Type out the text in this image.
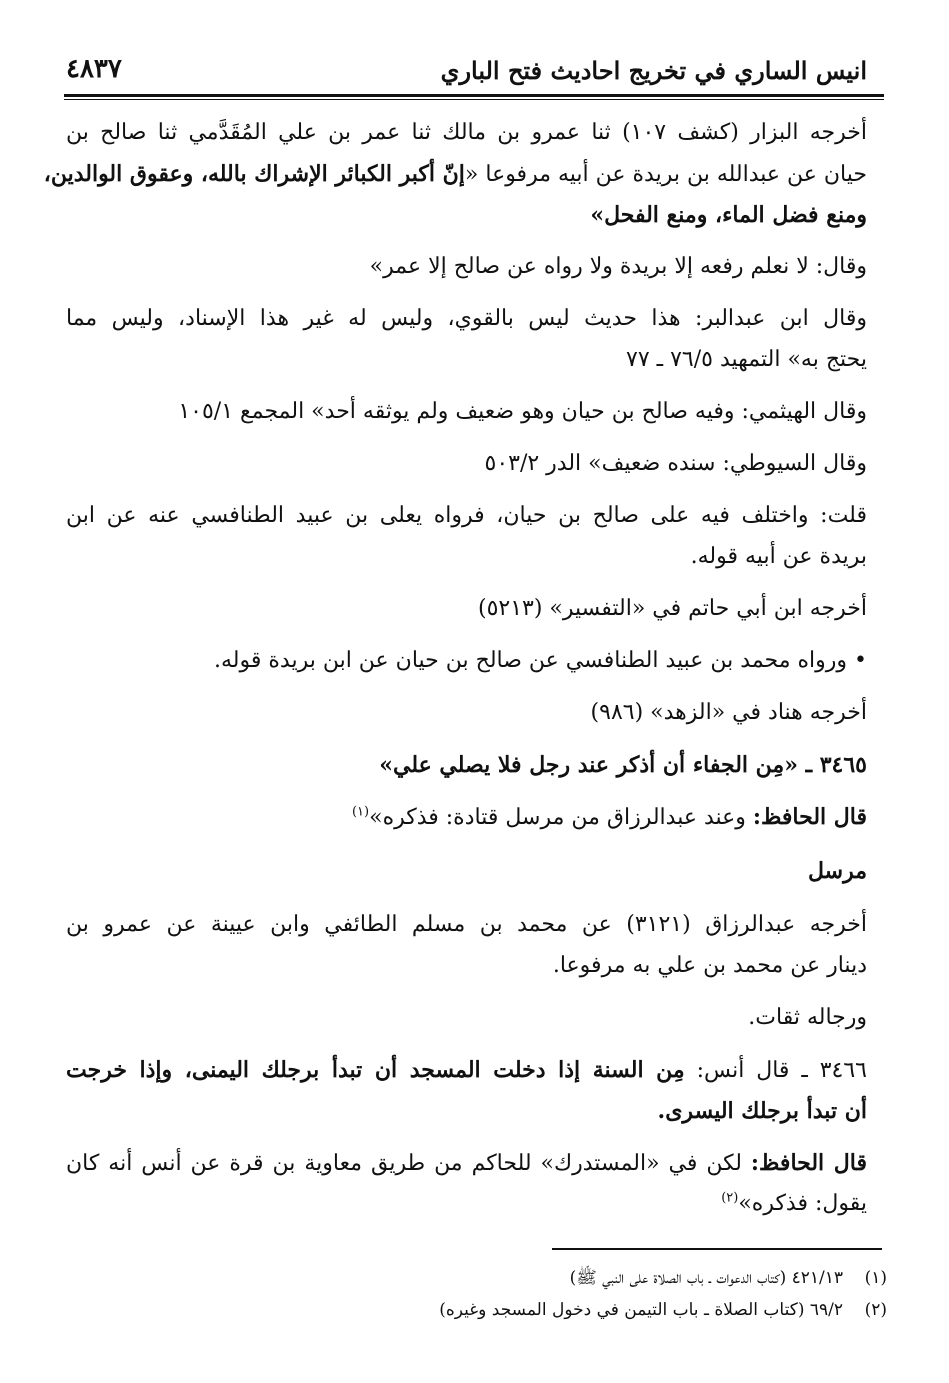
انيس الساري في تخريج احاديث فتح الباري
٤٨٣٧
أخرجه البزار (كشف ١٠٧) ثنا عمرو بن مالك ثنا عمر بن علي المُقَدَّمي ثنا صالح بن
حيان عن عبدالله بن بريدة عن أبيه مرفوعا «إنّ أكبر الكبائر الإشراك بالله، وعقوق الوالدين،
ومنع فضل الماء، ومنع الفحل»
وقال: لا نعلم رفعه إلا بريدة ولا رواه عن صالح إلا عمر»
وقال ابن عبدالبر: هذا حديث ليس بالقوي، وليس له غير هذا الإسناد، وليس مما
يحتج به» التمهيد ٧٦/٥ ـ ٧٧
وقال الهيثمي: وفيه صالح بن حيان وهو ضعيف ولم يوثقه أحد» المجمع ١٠٥/١
وقال السيوطي: سنده ضعيف» الدر ٥٠٣/٢
قلت: واختلف فيه على صالح بن حيان، فرواه يعلى بن عبيد الطنافسي عنه عن ابن
بريدة عن أبيه قوله.
أخرجه ابن أبي حاتم في «التفسير» (٥٢١٣)
• ورواه محمد بن عبيد الطنافسي عن صالح بن حيان عن ابن بريدة قوله.
أخرجه هناد في «الزهد» (٩٨٦)
٣٤٦٥ ـ «مِن الجفاء أن أذكر عند رجل فلا يصلي علي»
قال الحافظ: وعند عبدالرزاق من مرسل قتادة: فذكره»$^{(١)}$
مرسل
أخرجه عبدالرزاق (٣١٢١) عن محمد بن مسلم الطائفي وابن عيينة عن عمرو بن
دينار عن محمد بن علي به مرفوعا.
ورجاله ثقات.
٣٤٦٦ ـ قال أنس: مِن السنة إذا دخلت المسجد أن تبدأ برجلك اليمنى، وإذا خرجت
أن تبدأ برجلك اليسرى.
قال الحافظ: لكن في «المستدرك» للحاكم من طريق معاوية بن قرة عن أنس أنه كان
يقول: فذكره»$^{(٢)}$
(١)٤٢١/١٣ (كتاب الدعوات ـ باب الصلاة على النبي ﷺ)
(٢)٦٩/٢ (كتاب الصلاة ـ باب التيمن في دخول المسجد وغيره)
